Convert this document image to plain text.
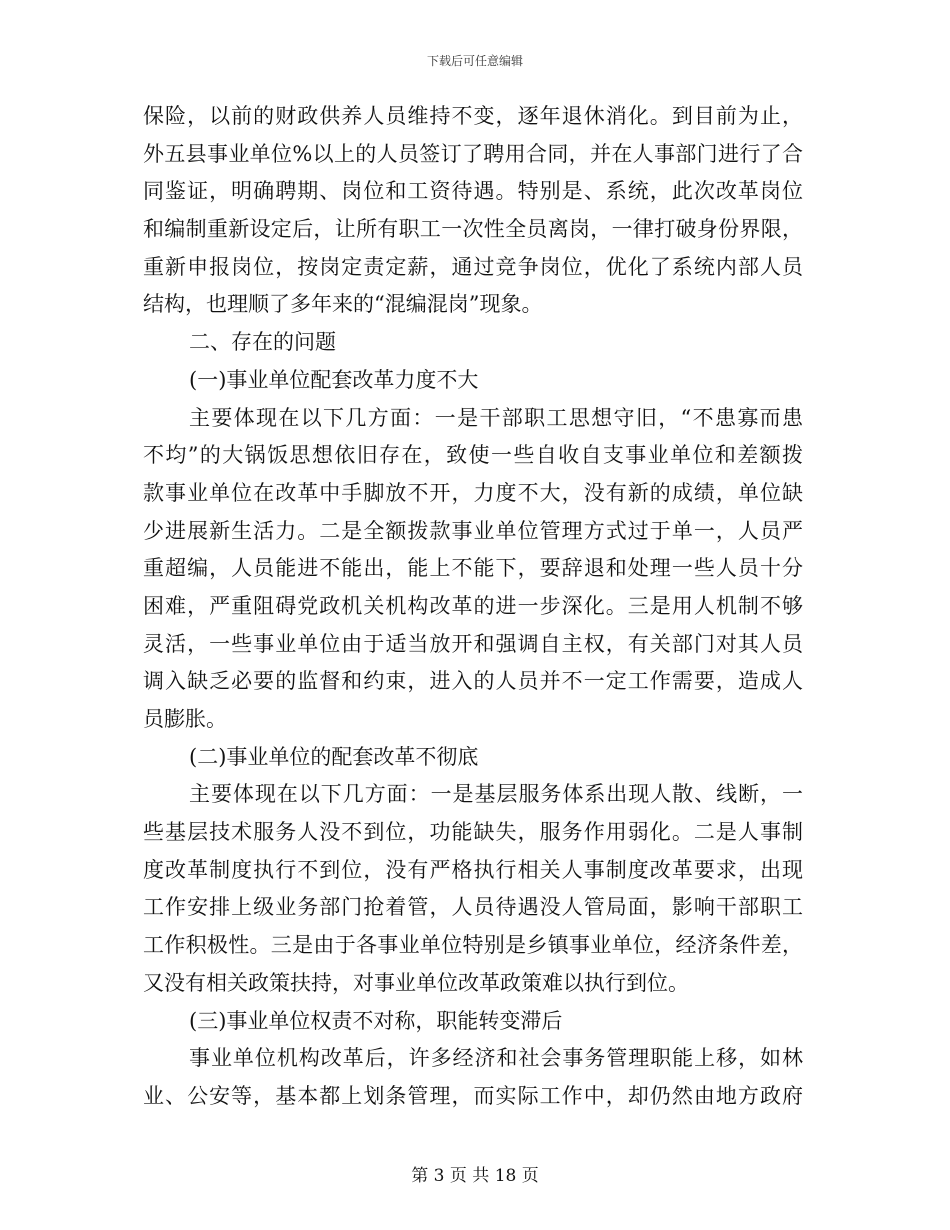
下载后可任意编辑
保险，以前的财政供养人员维持不变，逐年退休消化。到目前为止，
外五县事业单位%以上的人员签订了聘用合同，并在人事部门进行了合
同鉴证，明确聘期、岗位和工资待遇。特别是、系统，此次改革岗位
和编制重新设定后，让所有职工一次性全员离岗，一律打破身份界限，
重新申报岗位，按岗定责定薪，通过竞争岗位，优化了系统内部人员
结构，也理顺了多年来的“混编混岗”现象。
二、存在的问题
(一)事业单位配套改革力度不大
主要体现在以下几方面：一是干部职工思想守旧，“不患寡而患
不均”的大锅饭思想依旧存在，致使一些自收自支事业单位和差额拨
款事业单位在改革中手脚放不开，力度不大，没有新的成绩，单位缺
少进展新生活力。二是全额拨款事业单位管理方式过于单一，人员严
重超编，人员能进不能出，能上不能下，要辞退和处理一些人员十分
困难，严重阻碍党政机关机构改革的进一步深化。三是用人机制不够
灵活，一些事业单位由于适当放开和强调自主权，有关部门对其人员
调入缺乏必要的监督和约束，进入的人员并不一定工作需要，造成人
员膨胀。
(二)事业单位的配套改革不彻底
主要体现在以下几方面：一是基层服务体系出现人散、线断，一
些基层技术服务人没不到位，功能缺失，服务作用弱化。二是人事制
度改革制度执行不到位，没有严格执行相关人事制度改革要求，出现
工作安排上级业务部门抢着管，人员待遇没人管局面，影响干部职工
工作积极性。三是由于各事业单位特别是乡镇事业单位，经济条件差，
又没有相关政策扶持，对事业单位改革政策难以执行到位。
(三)事业单位权责不对称，职能转变滞后
事业单位机构改革后，许多经济和社会事务管理职能上移，如林
业、公安等，基本都上划条管理，而实际工作中，却仍然由地方政府
第 3 页 共 18 页
